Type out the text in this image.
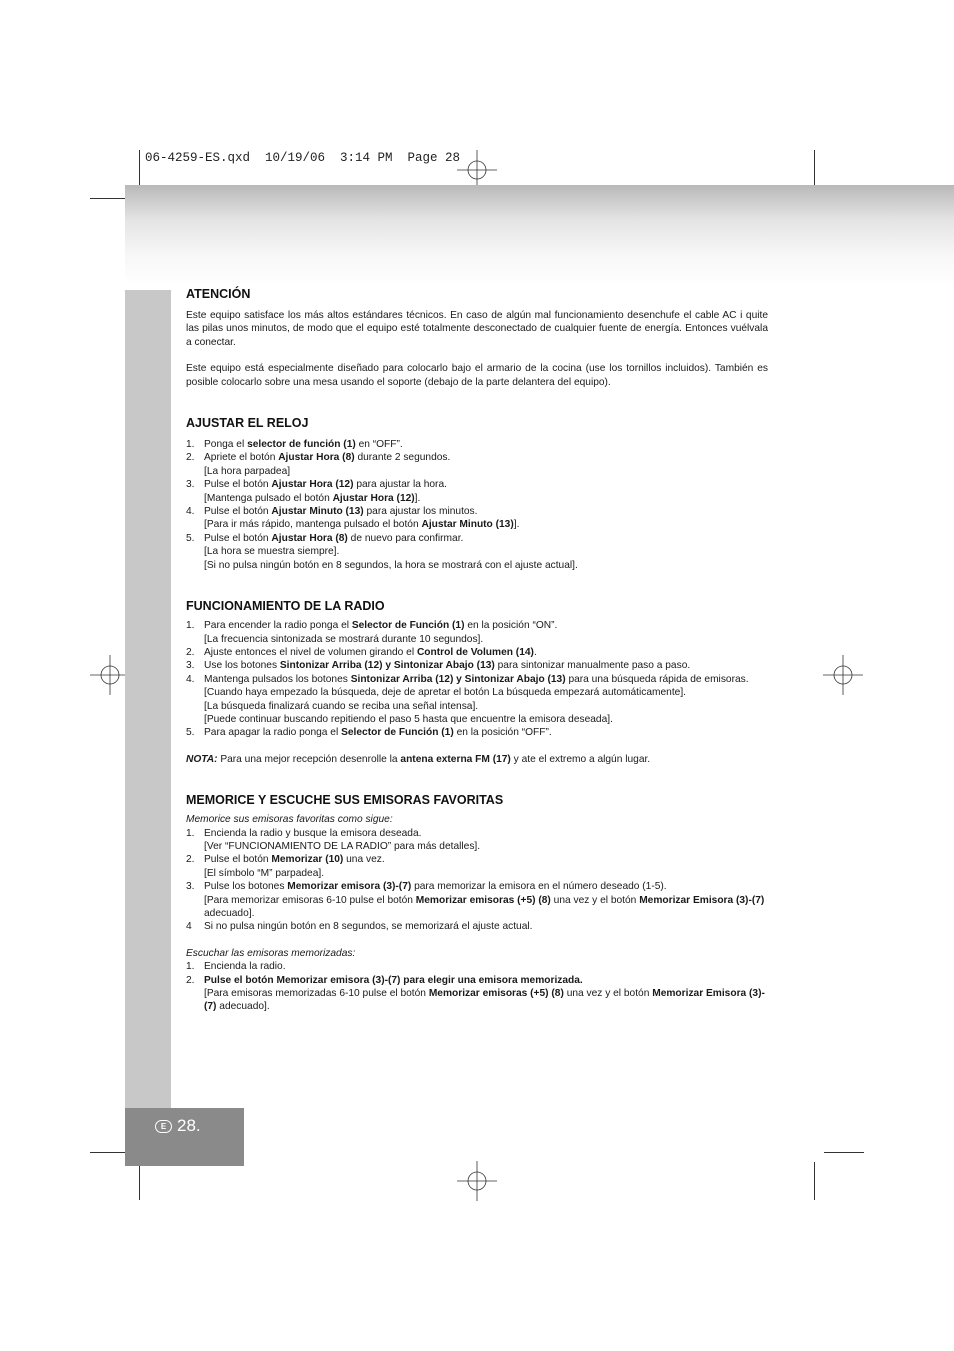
06-4259-ES.qxd  10/19/06  3:14 PM  Page 28
E 28.
ATENCIÓN

Este equipo satisface los más altos estándares técnicos. En caso de algún mal funcionamiento desenchufe el cable AC i quite las pilas unos minutos, de modo que el equipo esté totalmente desconectado de cualquier fuente de energía. Entonces vuélvala a conectar.

Este equipo está especialmente diseñado para colocarlo bajo el armario de la cocina (use los tornillos incluidos). También es posible colocarlo sobre una mesa usando el soporte (debajo de la parte delantera del equipo).

AJUSTAR EL RELOJ
1. Ponga el selector de función (1) en “OFF”.
2. Apriete el botón Ajustar Hora (8) durante 2 segundos.
[La hora parpadea]
3. Pulse el botón Ajustar Hora (12) para ajustar la hora.
[Mantenga pulsado el botón Ajustar Hora (12)].
4. Pulse el botón Ajustar Minuto (13) para ajustar los minutos.
[Para ir más rápido, mantenga pulsado el botón Ajustar Minuto (13)].
5. Pulse el botón Ajustar Hora (8) de nuevo para confirmar.
[La hora se muestra siempre].
[Si no pulsa ningún botón en 8 segundos, la hora se mostrará con el ajuste actual].
FUNCIONAMIENTO DE LA RADIO
1. Para encender la radio ponga el Selector de Función (1) en la posición “ON”.
[La frecuencia sintonizada se mostrará durante 10 segundos].
2. Ajuste entonces el nivel de volumen girando el Control de Volumen (14).
3. Use los botones Sintonizar Arriba (12) y Sintonizar Abajo (13) para sintonizar manualmente paso a paso.
4. Mantenga pulsados los botones Sintonizar Arriba (12) y Sintonizar Abajo (13) para una búsqueda rápida de emisoras.
[Cuando haya empezado la búsqueda, deje de apretar el botón La búsqueda empezará automáticamente].
[La búsqueda finalizará cuando se reciba una señal intensa].
[Puede continuar buscando repitiendo el paso 5 hasta que encuentre la emisora deseada].
5. Para apagar la radio ponga el Selector de Función (1) en la posición “OFF”.

NOTA: Para una mejor recepción desenrolle la antena externa FM (17) y ate el extremo a algún lugar.

MEMORICE Y ESCUCHE SUS EMISORAS FAVORITAS

Memorice sus emisoras favoritas como sigue:

1. Encienda la radio y busque la emisora deseada.
[Ver “FUNCIONAMIENTO DE LA RADIO” para más detalles].
2. Pulse el botón Memorizar (10) una vez.
[El símbolo “M” parpadea].
3. Pulse los botones Memorizar emisora (3)-(7) para memorizar la emisora en el número deseado (1-5).
[Para memorizar emisoras 6-10 pulse el botón Memorizar emisoras (+5) (8) una vez y el botón Memorizar Emisora (3)-(7) adecuado].
4	Si no pulsa ningún botón en 8 segundos, se memorizará el ajuste actual.

Escuchar las emisoras memorizadas:

1. Encienda la radio.
2. Pulse el botón Memorizar emisora (3)-(7) para elegir una emisora memorizada.
[Para emisoras memorizadas 6-10 pulse el botón Memorizar emisoras (+5) (8) una vez y el botón Memorizar Emisora (3)-(7) adecuado].
